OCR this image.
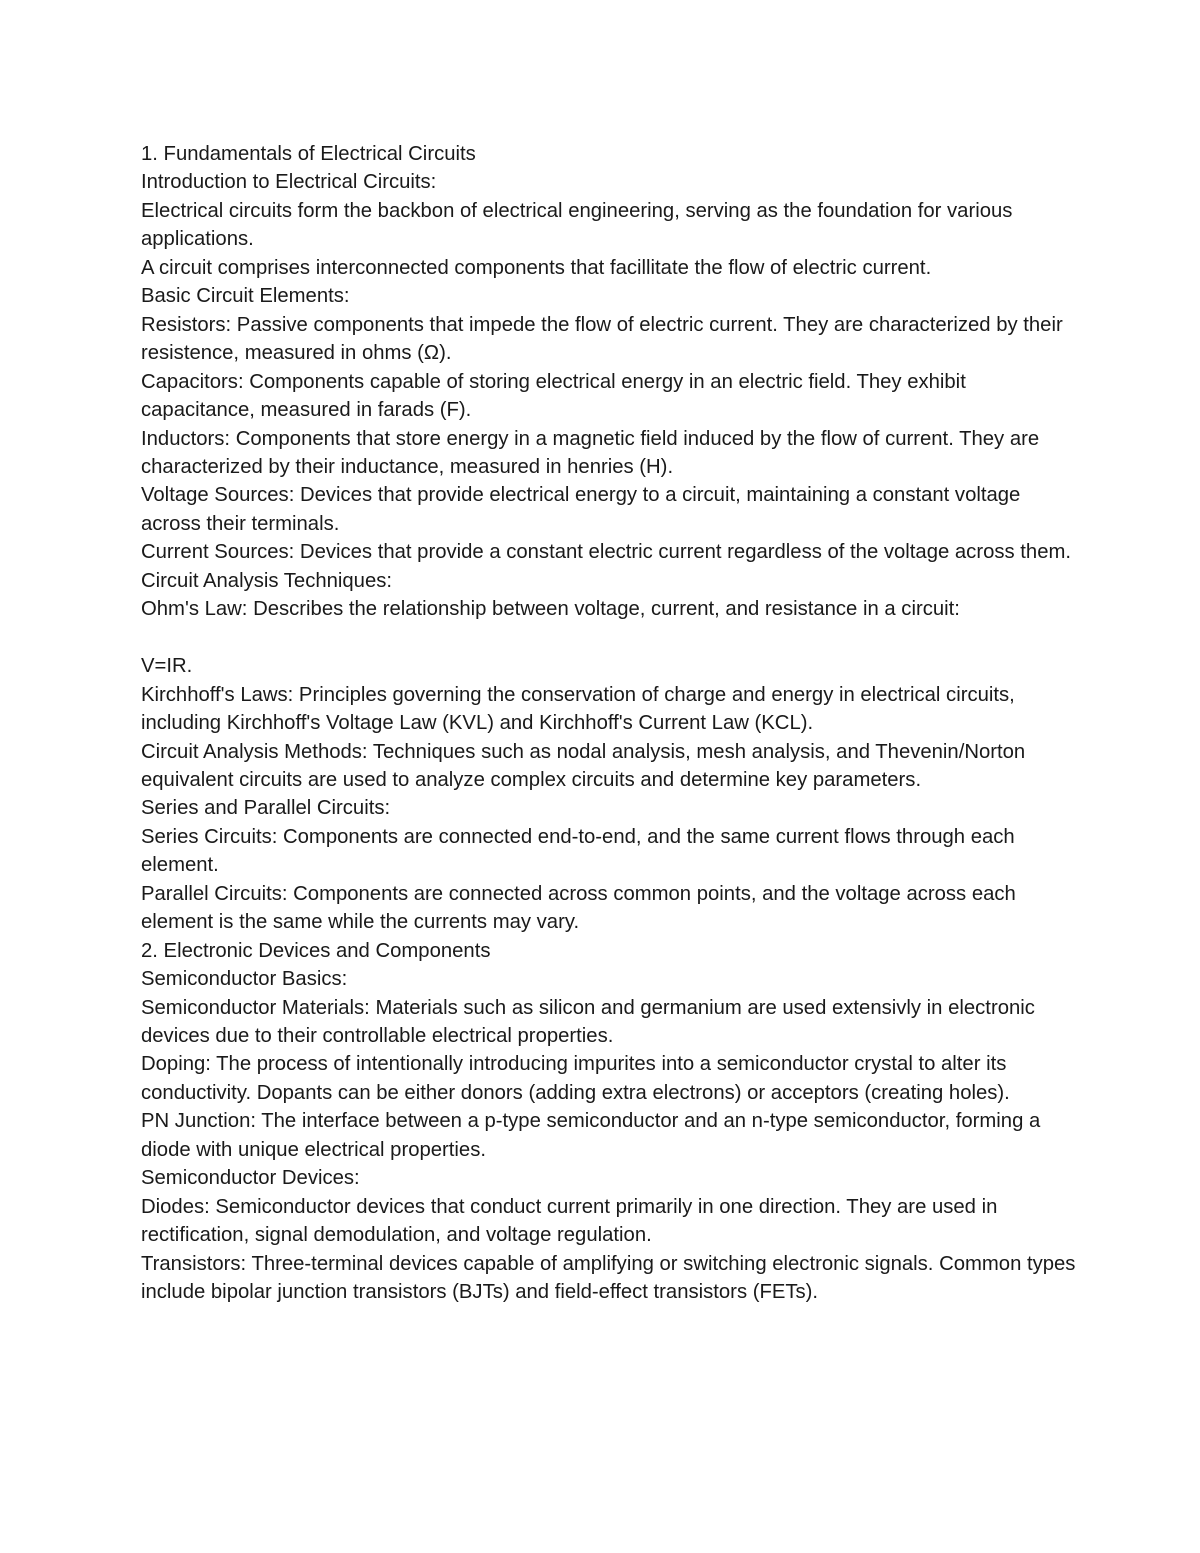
1. Fundamentals of Electrical Circuits

Introduction to Electrical Circuits:

Electrical circuits form the backbon of electrical engineering, serving as the foundation for various applications.

A circuit comprises interconnected components that facillitate the flow of electric current.

Basic Circuit Elements:

Resistors: Passive components that impede the flow of electric current. They are characterized by their resistence, measured in ohms (Ω).

Capacitors: Components capable of storing electrical energy in an electric field. They exhibit capacitance, measured in farads (F).

Inductors: Components that store energy in a magnetic field induced by the flow of current. They are characterized by their inductance, measured in henries (H).

Voltage Sources: Devices that provide electrical energy to a circuit, maintaining a constant voltage across their terminals.

Current Sources: Devices that provide a constant electric current regardless of the voltage across them.

Circuit Analysis Techniques:

Ohm's Law: Describes the relationship between voltage, current, and resistance in a circuit:

V=IR.

Kirchhoff's Laws: Principles governing the conservation of charge and energy in electrical circuits, including Kirchhoff's Voltage Law (KVL) and Kirchhoff's Current Law (KCL).

Circuit Analysis Methods: Techniques such as nodal analysis, mesh analysis, and Thevenin/Norton equivalent circuits are used to analyze complex circuits and determine key parameters.

Series and Parallel Circuits:

Series Circuits: Components are connected end-to-end, and the same current flows through each element.

Parallel Circuits: Components are connected across common points, and the voltage across each element is the same while the currents may vary.

2. Electronic Devices and Components

Semiconductor Basics:

Semiconductor Materials: Materials such as silicon and germanium are used extensivly in electronic devices due to their controllable electrical properties.

Doping: The process of intentionally introducing impurites into a semiconductor crystal to alter its conductivity. Dopants can be either donors (adding extra electrons) or acceptors (creating holes).

PN Junction: The interface between a p-type semiconductor and an n-type semiconductor, forming a diode with unique electrical properties.

Semiconductor Devices:

Diodes: Semiconductor devices that conduct current primarily in one direction. They are used in rectification, signal demodulation, and voltage regulation.

Transistors: Three-terminal devices capable of amplifying or switching electronic signals. Common types include bipolar junction transistors (BJTs) and field-effect transistors (FETs).
